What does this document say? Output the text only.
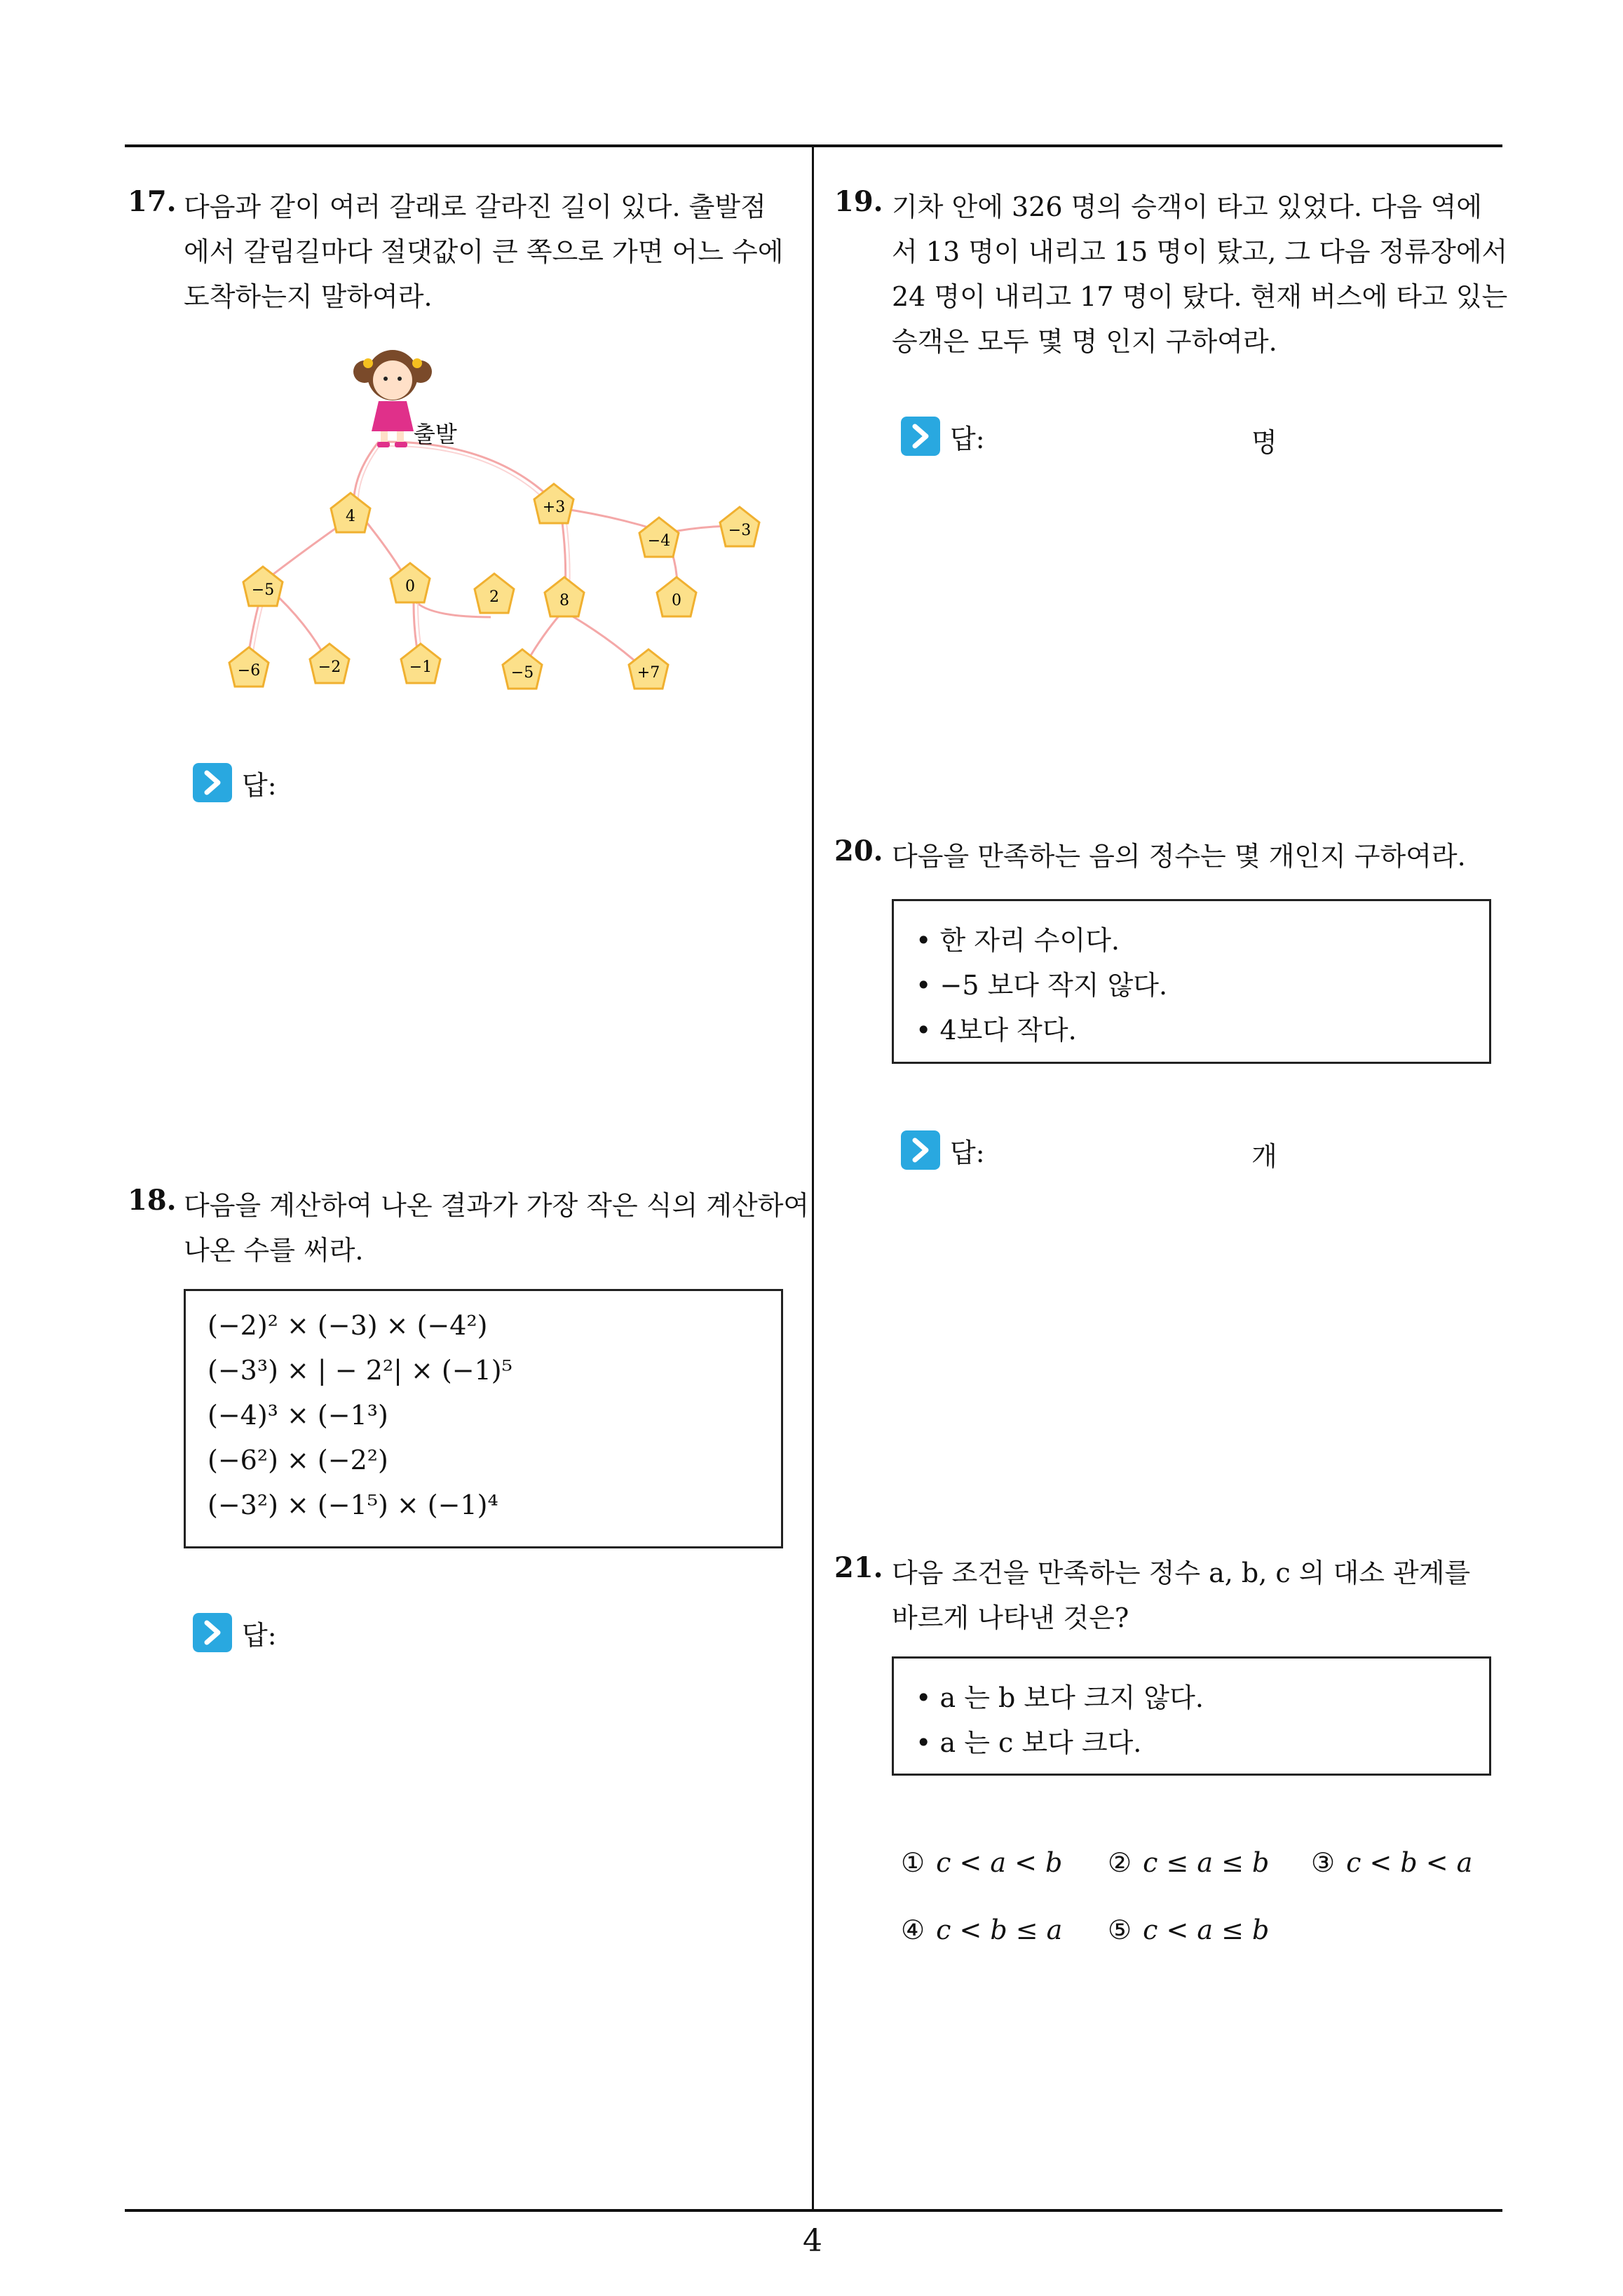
17. 다음과 같이 여러 갈래로 갈라진 길이 있다. 출발점
에서 갈림길마다 절댓값이 큰 쪽으로 가면 어느 수에
도착하는지 말하여라.
출발
4
+3
−4
−3
−5	0
2	8	0
−6	−2	−1	−5	+7
답:
18. 다음을 계산하여 나온 결과가 가장 작은 식의 계산하여
나온 수를 써라.
(−2)² × (−3) × (−4²)
(−3³) × | − 2²| × (−1)⁵
(−4)³ × (−1³)
(−6²) × (−2²)
(−3²) × (−1⁵) × (−1)⁴
답:
19. 기차 안에 326 명의 승객이 타고 있었다. 다음 역에
서 13 명이 내리고 15 명이 탔고, 그 다음 정류장에서
24 명이 내리고 17 명이 탔다. 현재 버스에 타고 있는
승객은 모두 몇 명 인지 구하여라.
답:	명
20. 다음을 만족하는 음의 정수는 몇 개인지 구하여라.
• 한 자리 수이다.
• −5 보다 작지 않다.
• 4보다 작다.
답:	개
21. 다음 조건을 만족하는 정수 a, b, c 의 대소 관계를
바르게 나타낸 것은?
• a 는 b 보다 크지 않다.
• a 는 c 보다 크다.
① c < a < b ② c ≤ a ≤ b ③ c < b < a
④ c < b ≤ a ⑤ c < a ≤ b
4
